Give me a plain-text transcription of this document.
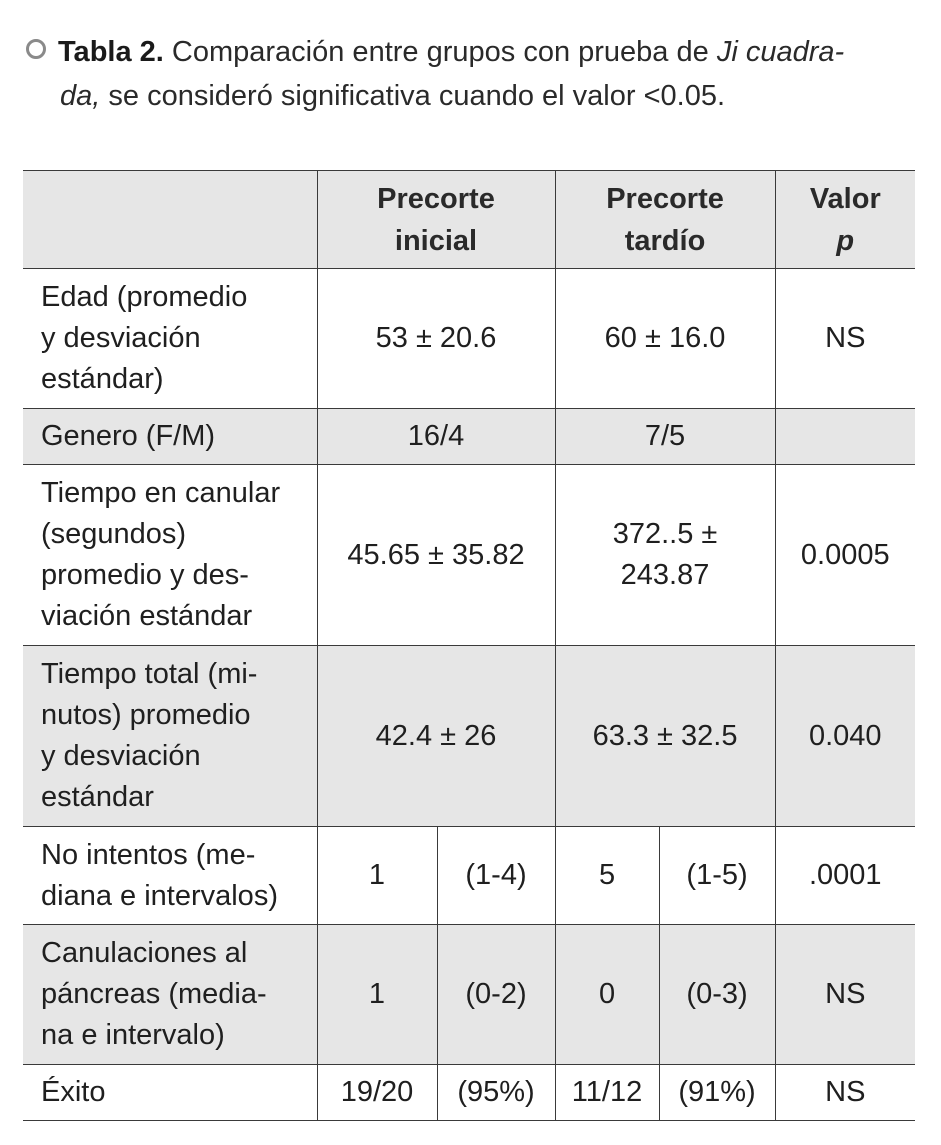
Tabla 2. Comparación entre grupos con prueba de Ji cuadra-
da, se consideró significativa cuando el valor <0.05.

	Precorte
inicial		Precorte
tardío		Valor
p

Edad (promedio
y desviación
estándar)	53 ± 20.6		60 ± 16.0		NS
Genero (F/M)	16/4		7/5		

Tiempo en canular
(segundos)
promedio y des-
viación estándar	45.65 ± 35.82		372..5 ±
243.87		0.0005

Tiempo total (mi-
nutos) promedio
y desviación
estándar	42.4 ± 26		63.3 ± 32.5		0.040

No intentos (me-
diana e intervalos)	1	(1-4)	5	(1-5)	.0001

Canulaciones al
páncreas (media-
na e intervalo)	1	(0-2)	0	(0-3)	NS
Éxito	19/20	(95%)	11/12	(91%)	NS
